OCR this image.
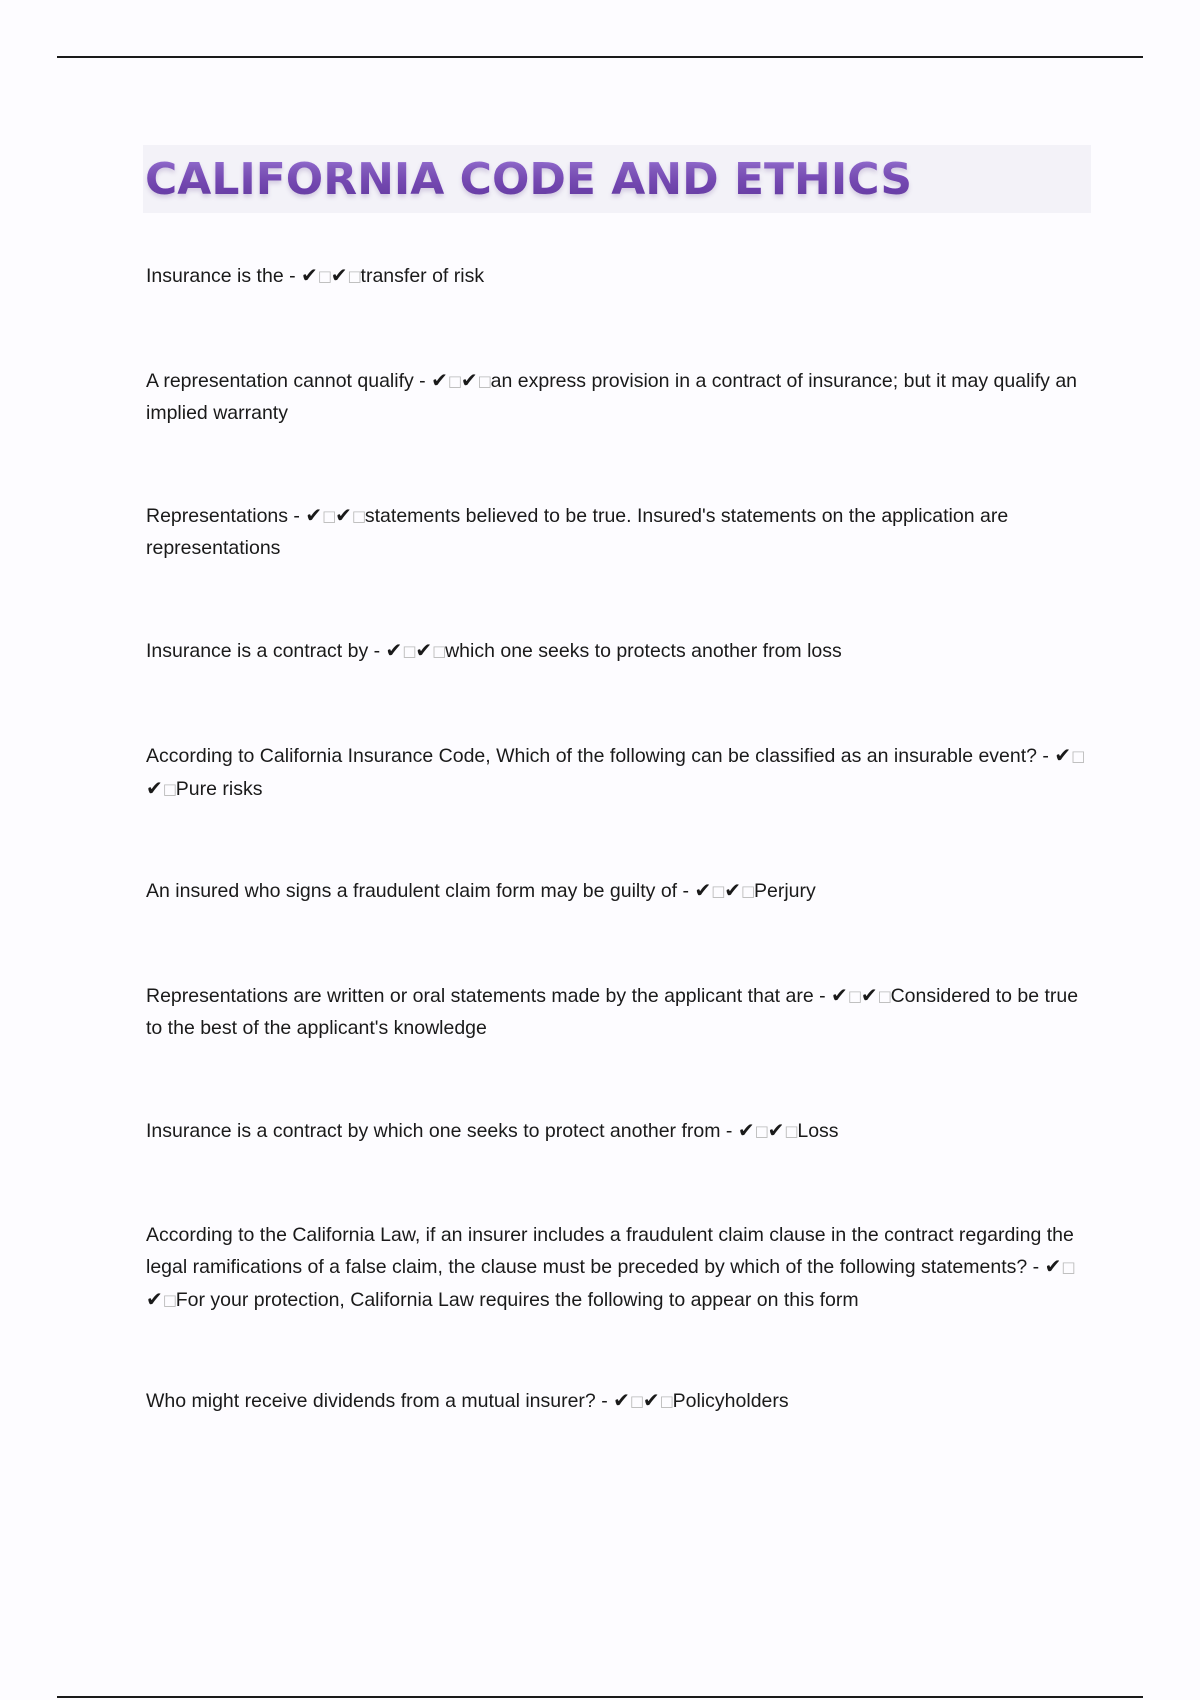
CALIFORNIA CODE AND ETHICS
Insurance is the - ✔□✔□transfer of risk
A representation cannot qualify - ✔□✔□an express provision in a contract of insurance; but it may qualify an implied warranty
Representations - ✔□✔□statements believed to be true. Insured's statements on the application are representations
Insurance is a contract by - ✔□✔□which one seeks to protects another from loss
According to California Insurance Code, Which of the following can be classified as an insurable event? - ✔□✔□Pure risks
An insured who signs a fraudulent claim form may be guilty of - ✔□✔□Perjury
Representations are written or oral statements made by the applicant that are - ✔□✔□Considered to be true to the best of the applicant's knowledge
Insurance is a contract by which one seeks to protect another from - ✔□✔□Loss
According to the California Law, if an insurer includes a fraudulent claim clause in the contract regarding the legal ramifications of a false claim, the clause must be preceded by which of the following statements? - ✔□✔□For your protection, California Law requires the following to appear on this form
Who might receive dividends from a mutual insurer? - ✔□✔□Policyholders
